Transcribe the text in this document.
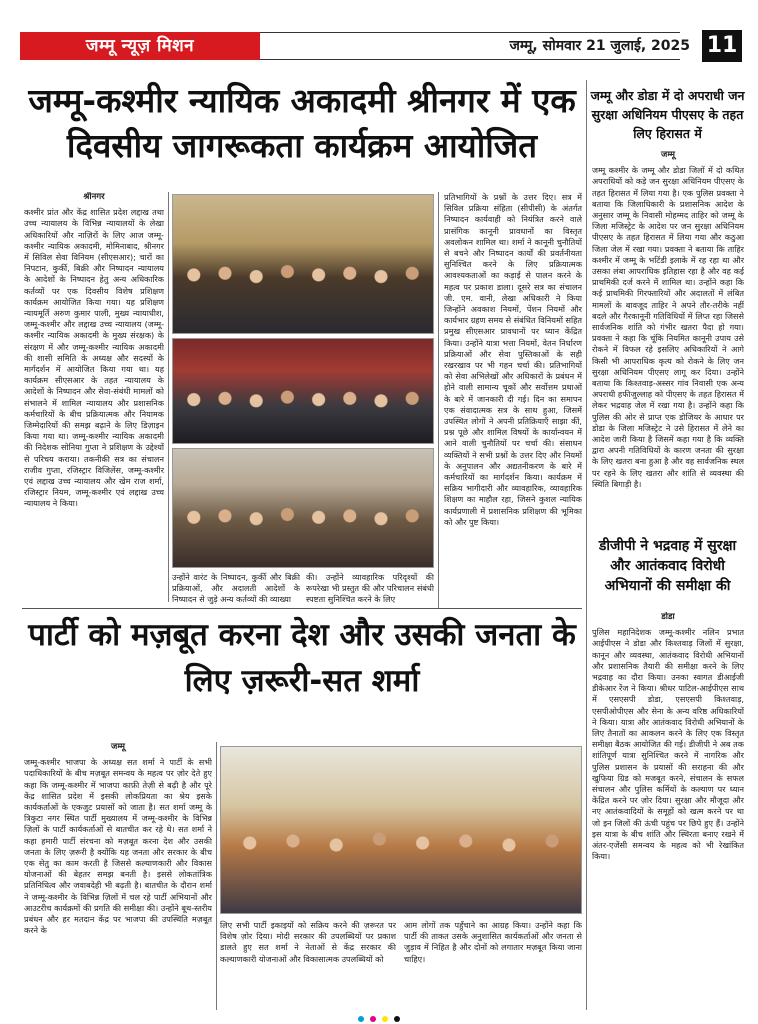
जम्मू न्यूज़ मिशन	जम्मू, सोमवार 21 जुलाई, 2025 11
जम्मू-कश्मीर न्यायिक अकादमी श्रीनगर में एक दिवसीय जागरूकता कार्यक्रम आयोजित
श्रीनगर

कश्मीर प्रांत और केंद्र शासित प्रदेश लद्दाख तथा उच्च न्यायालय के विभिन्न न्यायालयों के लेखा अधिकारियों और नाज़िरों के लिए आज जम्मू-कश्मीर न्यायिक अकादमी, मोमिनाबाद, श्रीनगर में सिविल सेवा विनियम (सीएसआर); चारों का निपटान, कुर्की, बिक्री और निष्पादन न्यायालय के आदेशों के निष्पादन हेतु अन्य अधिकारिक कर्तव्यों पर एक दिवसीय विशेष प्रशिक्षण कार्यक्रम आयोजित किया गया। यह प्रशिक्षण न्यायमूर्ति अरुण कुमार पाली, मुख्य न्यायाधीश, जम्मू-कश्मीर और लद्दाख उच्च न्यायालय (जम्मू-कश्मीर न्यायिक अकादमी के मुख्य संरक्षक) के संरक्षण में और जम्मू-कश्मीर न्यायिक अकादमी की शासी समिति के अध्यक्ष और सदस्यों के मार्गदर्शन में आयोजित किया गया था। यह कार्यक्रम सीएसआर के तहत न्यायालय के आदेशों के निष्पादन और सेवा-संबंधी मामलों को संभालने में शामिल न्यायालय और प्रशासनिक कर्मचारियों के बीच प्रक्रियात्मक और नियामक जिम्मेदारियों की समझ बढ़ाने के लिए डिज़ाइन किया गया था। जम्मू-कश्मीर न्यायिक अकादमी की निदेशक सोनिया गुप्ता ने प्रशिक्षण के उद्देश्यों से परिचय कराया। तकनीकी सत्र का संचालन राजीव गुप्ता, रजिस्ट्रार विजिलेंस, जम्मू-कश्मीर एवं लद्दाख उच्च न्यायालय और खेम राज शर्मा, रजिस्ट्रार नियम, जम्मू-कश्मीर एवं लद्दाख उच्च न्यायालय ने किया।

उन्होंने वारंट के निष्पादन, कुर्की और बिक्री प्रक्रियाओं, और अदालती आदेशों के निष्पादन से जुड़े अन्य कर्तव्यों की व्याख्या

की। उन्होंने व्यावहारिक परिदृश्यों की रूपरेखा भी प्रस्तुत की और परिचालन संबंधी स्पष्टता सुनिश्चित करने के लिए

प्रतिभागियों के प्रश्नों के उत्तर दिए। सत्र में सिविल प्रक्रिया संहिता (सीपीसी) के अंतर्गत निष्पादन कार्यवाही को नियंत्रित करने वाले प्रासंगिक कानूनी प्रावधानों का विस्तृत अवलोकन शामिल था। शर्मा ने कानूनी चुनौतियों से बचने और निष्पादन कार्यों की प्रवर्तनीयता सुनिश्चित करने के लिए प्रक्रियात्मक आवश्यकताओं का कड़ाई से पालन करने के महत्व पर प्रकाश डाला। दूसरे सत्र का संचालन जी. एम. वानी, लेखा अधिकारी ने किया जिन्होंने अवकाश नियमों, पेंशन नियमों और कार्यभार ग्रहण समय से संबंधित विनियमों सहित प्रमुख सीएसआर प्रावधानों पर ध्यान केंद्रित किया। उन्होंने यात्रा भत्ता नियमों, वेतन निर्धारण प्रक्रियाओं और सेवा पुस्तिकाओं के सही रखरखाव पर भी गहन चर्चा की। प्रतिभागियों को सेवा अभिलेखों और अधिकारों के प्रबंधन में होने वाली सामान्य चूकों और सर्वोत्तम प्रथाओं के बारे में जानकारी दी गई। दिन का समापन एक संवादात्मक सत्र के साथ हुआ, जिसमें उपस्थित लोगों ने अपनी प्रतिक्रियाएँ साझा कीं, प्रश्न पूछे और शामिल विषयों के कार्यान्वयन में आने वाली चुनौतियों पर चर्चा की। संसाधन व्यक्तियों ने सभी प्रश्नों के उत्तर दिए और नियमों के अनुपालन और अद्यतनीकरण के बारे में कर्मचारियों का मार्गदर्शन किया। कार्यक्रम में सक्रिय भागीदारी और व्यावहारिक, व्यावहारिक शिक्षण का माहौल रहा, जिसने कुशल न्यायिक कार्यप्रणाली में प्रशासनिक प्रशिक्षण की भूमिका को और पुष्ट किया।

पार्टी को मज़बूत करना देश और उसकी जनता के लिए ज़रूरी-सत शर्मा
जम्मू

जम्मू-कश्मीर भाजपा के अध्यक्ष सत शर्मा ने पार्टी के सभी पदाधिकारियों के बीच मज़बूत समन्वय के महत्व पर ज़ोर देते हुए कहा कि जम्मू-कश्मीर में भाजपा काफ़ी तेज़ी से बढ़ी है और पूरे केंद्र शासित प्रदेश में इसकी लोकप्रियता का श्रेय इसके कार्यकर्ताओं के एकजुट प्रयासों को जाता है। सत शर्मा जम्मू के त्रिकुटा नगर स्थित पार्टी मुख्यालय में जम्मू-कश्मीर के विभिन्न ज़िलों के पार्टी कार्यकर्ताओं से बातचीत कर रहे थे। सत शर्मा ने कहा हमारी पार्टी संरचना को मज़बूत करना देश और उसकी जनता के लिए ज़रूरी है क्योंकि यह जनता और सरकार के बीच एक सेतु का काम करती है जिससे कल्याणकारी और विकास योजनाओं की बेहतर समझ बनती है। इससे लोकतांत्रिक प्रतिनिधित्व और जवाबदेही भी बढ़ती है। बातचीत के दौरान शर्मा ने जम्मू-कश्मीर के विभिन्न ज़िलों में चल रहे पार्टी अभियानों और आउटरीच कार्यक्रमों की प्रगति की समीक्षा की। उन्होंने बूथ-स्तरीय प्रबंधन और हर मतदान केंद्र पर भाजपा की उपस्थिति मज़बूत करने के

लिए सभी पार्टी इकाइयों को सक्रिय करने की ज़रूरत पर विशेष ज़ोर दिया। मोदी सरकार की उपलब्धियों पर प्रकाश डालते हुए सत शर्मा ने नेताओं से केंद्र सरकार की कल्याणकारी योजनाओं और विकासात्मक उपलब्धियों को

आम लोगों तक पहुँचाने का आग्रह किया। उन्होंने कहा कि पार्टी की ताकत उसके अनुशासित कार्यकर्ताओं और जनता से जुड़ाव में निहित है और दोनों को लगातार मज़बूत किया जाना चाहिए।

जम्मू और डोडा में दो अपराधी जन सुरक्षा अधिनियम पीएसए के तहत लिए हिरासत में
जम्मू

जम्मू कश्मीर के जम्मू और डोडा जिलों में दो कथित अपराधियों को कड़े जन सुरक्षा अधिनियम पीएसए के तहत हिरासत में लिया गया है। एक पुलिस प्रवक्ता ने बताया कि जिलाधिकारी के प्रशासनिक आदेश के अनुसार जम्मू के निवासी मोहम्मद ताहिर को जम्मू के जिला मजिस्ट्रेट के आदेश पर जन सुरक्षा अधिनियम पीएसए के तहत हिरासत में लिया गया और कठुआ जिला जेल में रखा गया। प्रवक्ता ने बताया कि ताहिर कश्मीर में जम्मू के भटिंडी इलाके में रह रहा था और उसका लंबा आपराधिक इतिहास रहा है और वह कई प्राथमिकी दर्ज करने में शामिल था। उन्होंने कहा कि कई प्राथमिकी गिरफ्तारियों और अदालतों में लंबित मामलों के बावजूद ताहिर ने अपने तौर-तरीके नहीं बदले और गैरकानूनी गतिविधियों में लिप्त रहा जिससे सार्वजनिक शांति को गंभीर खतरा पैदा हो गया। प्रवक्ता ने कहा कि चूंकि नियमित कानूनी उपाय उसे रोकने में विफल रहे इसलिए अधिकारियों ने आगे किसी भी आपराधिक कृत्य को रोकने के लिए जन सुरक्षा अधिनियम पीएसए लागू कर दिया। उन्होंने बताया कि किश्तवाड़-अस्सर गांव निवासी एक अन्य अपराधी हफीजुल्लाह को पीएसए के तहत हिरासत में लेकर भद्रवाह जेल में रखा गया है। उन्होंने कहा कि पुलिस की ओर से प्राप्त एक डोजियर के आधार पर डोडा के जिला मजिस्ट्रेट ने उसे हिरासत में लेने का आदेश जारी किया है जिसमें कहा गया है कि व्यक्ति द्वारा अपनी गतिविधियों के कारण जनता की सुरक्षा के लिए खतरा बना हुआ है और वह सार्वजनिक स्थल पर रहने के लिए खतरा और शांति से व्यवस्था की स्थिति बिगाड़ी है।

डीजीपी ने भद्रवाह में सुरक्षा और आतंकवाद विरोधी अभियानों की समीक्षा की
डोडा

पुलिस महानिदेशक जम्मू-कश्मीर नलिन प्रभात आईपीएस ने डोडा और किश्तवाड़ जिलों में सुरक्षा, कानून और व्यवस्था, आतंकवाद विरोधी अभियानों और प्रशासनिक तैयारी की समीक्षा करने के लिए भद्रवाह का दौरा किया। उनका स्वागत डीआईजी डीकेआर रेंज ने किया। श्रीधर पाटिल-आईपीएस साथ में एसएसपी डोडा, एसएसपी किश्तवाड़, एसपीओपीएस और सेना के अन्य वरिष्ठ अधिकारियों ने किया। यात्रा और आतंकवाद विरोधी अभियानों के लिए तैनातों का आकलन करने के लिए एक विस्तृत समीक्षा बैठक आयोजित की गई। डीजीपी ने अब तक शांतिपूर्ण यात्रा सुनिश्चित करने में नागरिक और पुलिस प्रशासन के प्रयासों की सराहना की और खुफिया ग्रिड को मजबूत करने, संचालन के सफल संचालन और पुलिस कर्मियों के कल्याण पर ध्यान केंद्रित करने पर ज़ोर दिया। सुरक्षा और मौजूदा और नए आतंकवादियों के समूहों को खत्म करने पर था जो इन जिलों की ऊंची पहुंच पर छिपे हुए हैं। उन्होंने इस यात्रा के बीच शांति और स्थिरता बनाए रखने में अंतर-एजेंसी समन्वय के महत्व को भी रेखांकित किया।
